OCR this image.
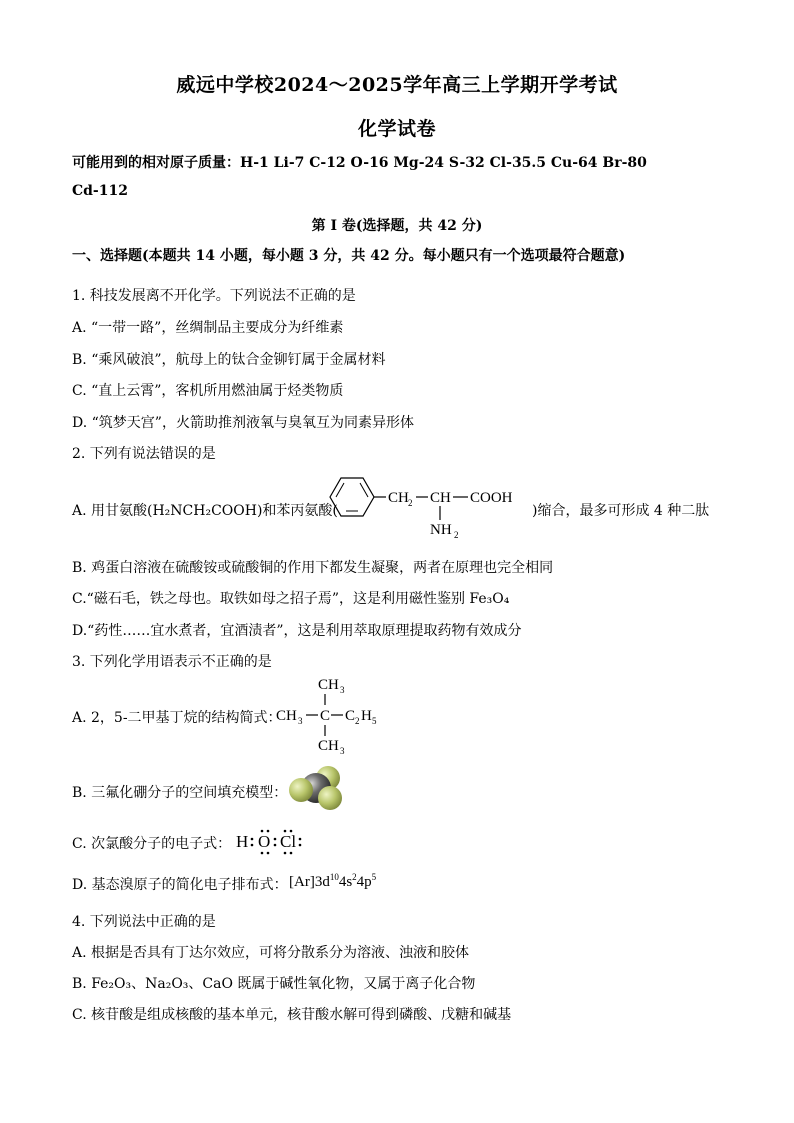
威远中学校2024～2025学年高三上学期开学考试
化学试卷
可能用到的相对原子质量：H-1 Li-7 C-12 O-16 Mg-24 S-32 Cl-35.5 Cu-64 Br-80
Cd-112
第 I 卷(选择题，共 42 分)
一、选择题(本题共 14 小题，每小题 3 分，共 42 分。每小题只有一个选项最符合题意)
1. 科技发展离不开化学。下列说法不正确的是
A. “一带一路”，丝绸制品主要成分为纤维素
B. “乘风破浪”，航母上的钛合金铆钉属于金属材料
C. “直上云霄”，客机所用燃油属于烃类物质
D. “筑梦天宫”，火箭助推剂液氧与臭氧互为同素异形体
2. 下列有说法错误的是
A. 用甘氨酸(H₂NCH₂COOH)和苯丙氨酸(
CH 2 CH COOH
NH 2
)缩合，最多可形成 4 种二肽
B. 鸡蛋白溶液在硫酸铵或硫酸铜的作用下都发生凝聚，两者在原理也完全相同
C.“磁石毛，铁之母也。取铁如母之招子焉”，这是利用磁性鉴别 Fe₃O₄
D.“药性……宜水煮者，宜酒渍者”，这是利用萃取原理提取药物有效成分
3. 下列化学用语表示不正确的是
A. 2，5-二甲基丁烷的结构简式：
CH 3
CH 3 C C 2 H 5
CH 3
B. 三氟化硼分子的空间填充模型：
C. 次氯酸分子的电子式： H O Cl
D. 基态溴原子的简化电子排布式： $[Ar]3d^{10}4s^24p^5$
4. 下列说法中正确的是
A. 根据是否具有丁达尔效应，可将分散系分为溶液、浊液和胶体
B. Fe₂O₃、Na₂O₃、CaO 既属于碱性氧化物，又属于离子化合物
C. 核苷酸是组成核酸的基本单元，核苷酸水解可得到磷酸、戊糖和碱基
